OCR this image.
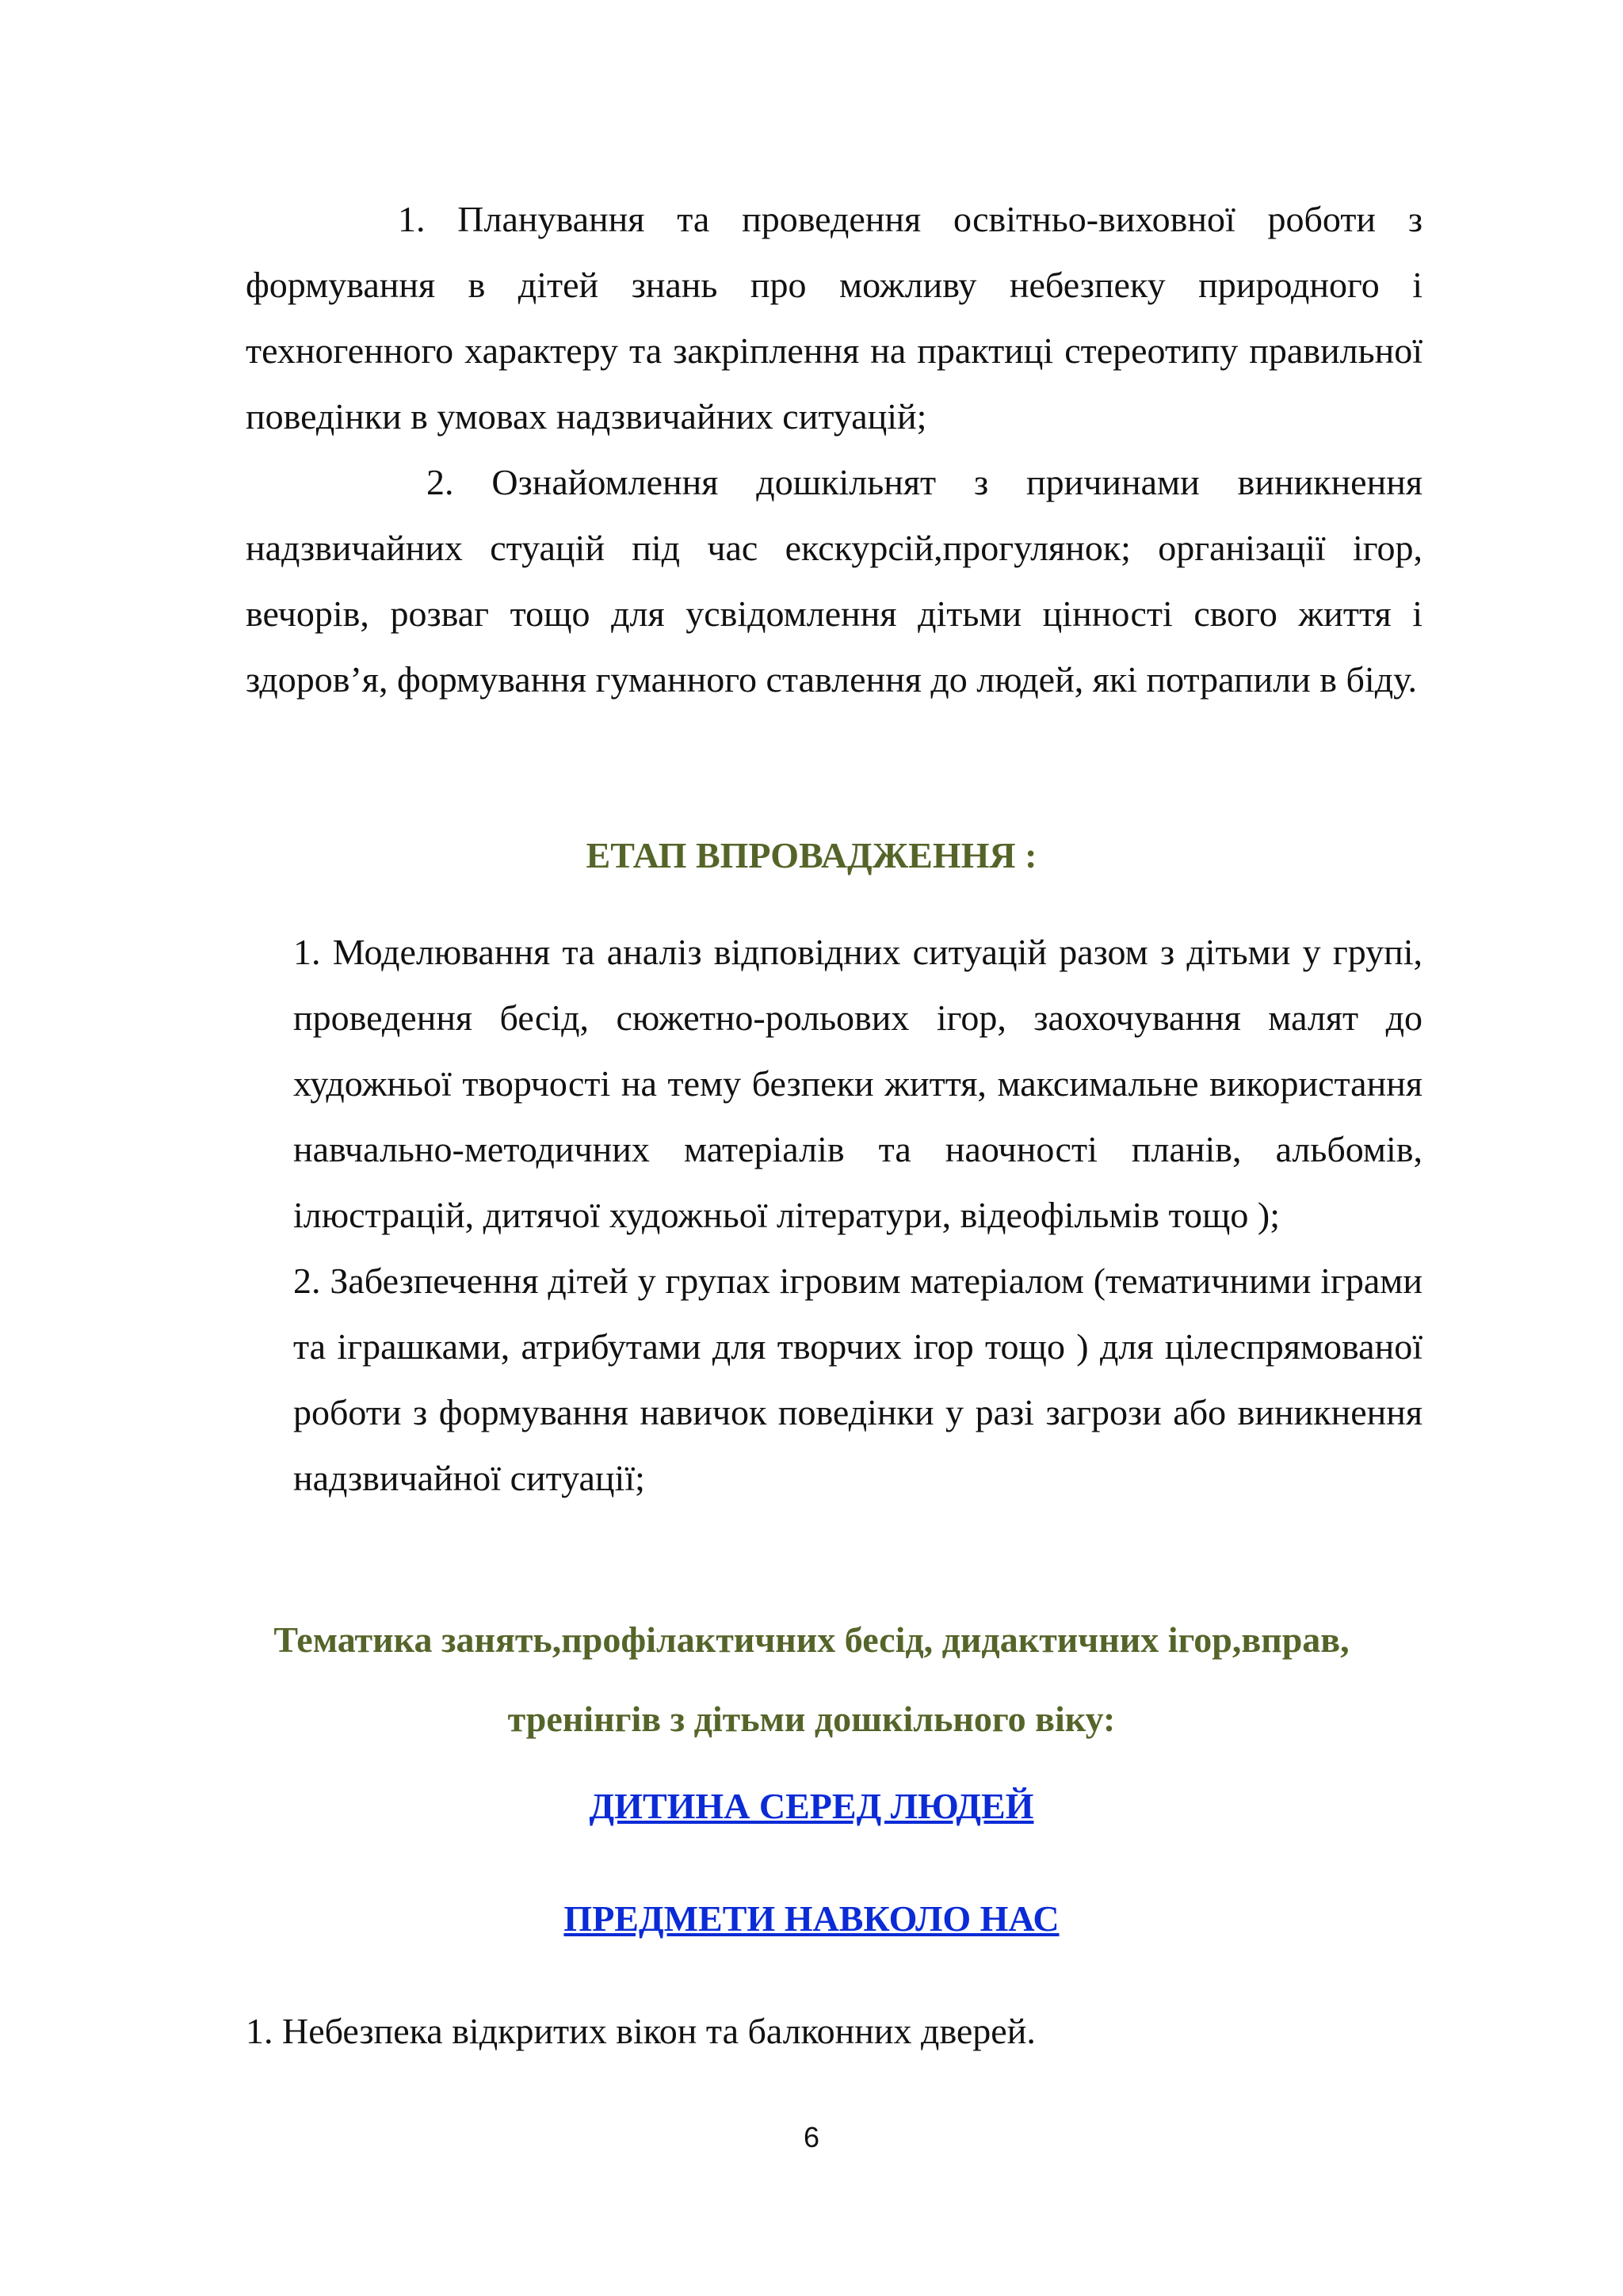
1. Планування та проведення освітньо-виховної роботи з формування в дітей знань про можливу небезпеку природного і техногенного характеру та закріплення на практиці стереотипу правильної поведінки в умовах надзвичайних ситуацій;

2. Ознайомлення дошкільнят з причинами виникнення надзвичайних стуацій під час екскурсій,прогулянок; організації ігор, вечорів, розваг тощо для усвідомлення дітьми цінності свого життя і здоров’я, формування гуманного ставлення до людей, які потрапили в біду.

ЕТАП ВПРОВАДЖЕННЯ :

1. Моделювання та аналіз відповідних ситуацій разом з дітьми у групі, проведення бесід, сюжетно-рольових ігор, заохочування малят до художньої творчості на тему безпеки життя, максимальне використання навчально-методичних матеріалів та наочності планів, альбомів, ілюстрацій, дитячої художньої літератури, відеофільмів тощо );

2. Забезпечення дітей у групах ігровим матеріалом (тематичними іграми та іграшками, атрибутами для творчих ігор тощо ) для цілеспрямованої роботи з формування навичок поведінки у разі загрози або виникнення надзвичайної ситуації;

Тематика занять,профілактичних бесід, дидактичних ігор,вправ,
тренінгів з дітьми дошкільного віку:
ДИТИНА СЕРЕД ЛЮДЕЙ
ПРЕДМЕТИ НАВКОЛО НАС
1. Небезпека відкритих вікон та балконних дверей.
6
